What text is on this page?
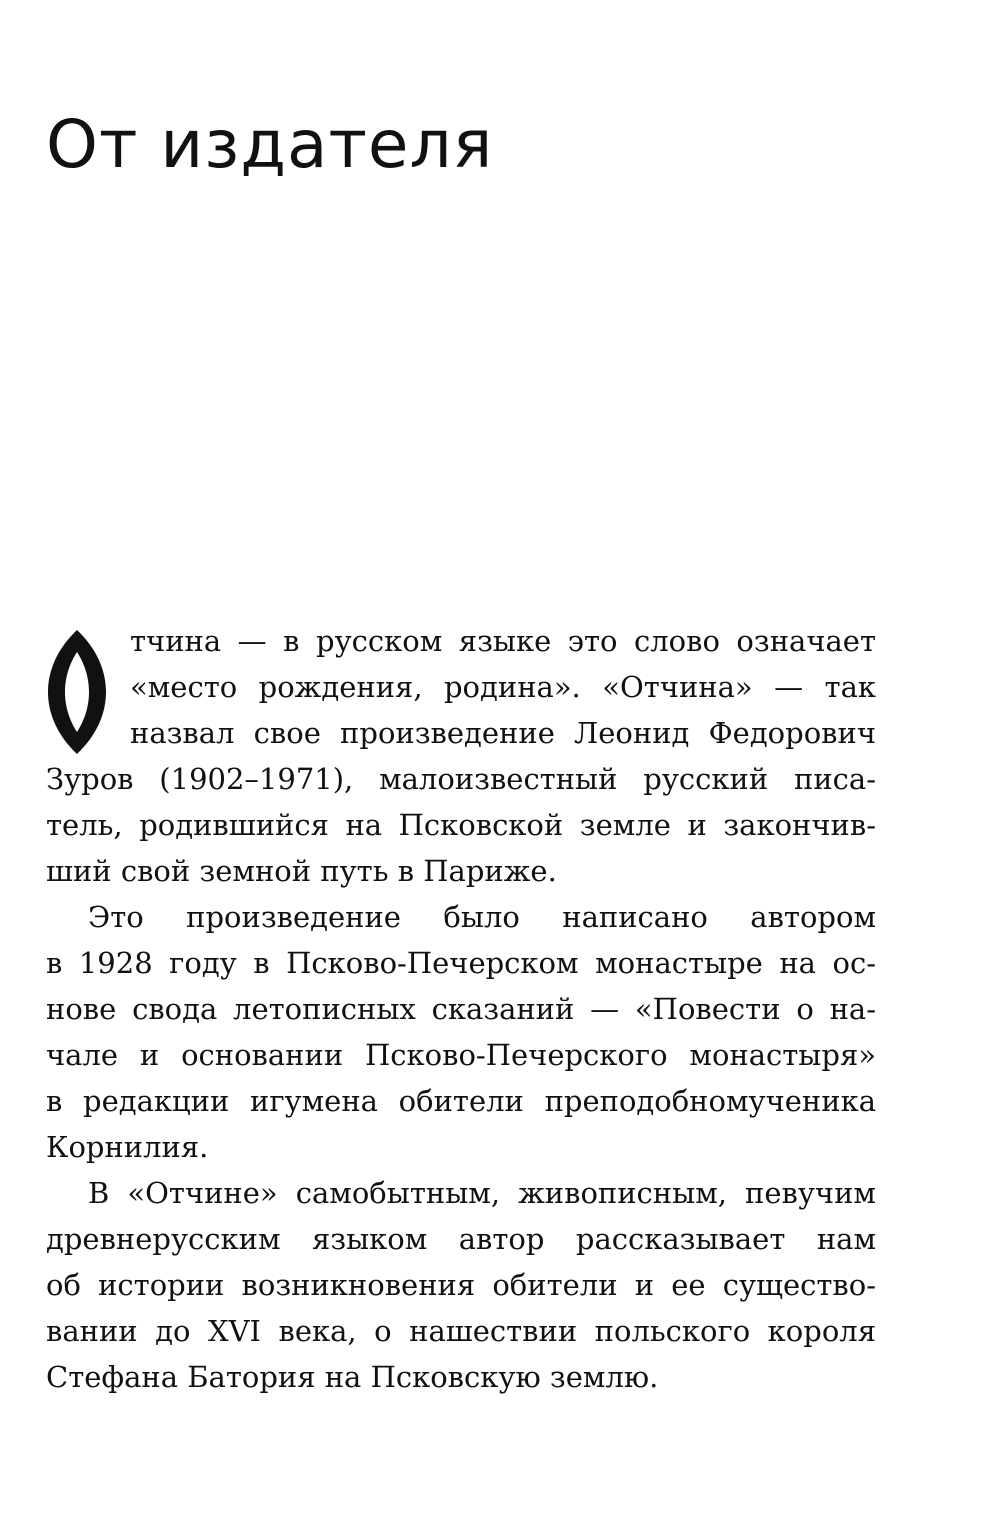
От издателя
тчина — в русском языке это слово означает
«место рождения, родина». «Отчина» — так
назвал свое произведение Леонид Федорович
Зуров (1902–1971), малоизвестный русский писа-
тель, родившийся на Псковской земле и закончив-
ший свой земной путь в Париже.
Это произведение было написано автором
в 1928 году в Псково-Печерском монастыре на ос-
нове свода летописных сказаний — «Повести о на-
чале и основании Псково-Печерского монастыря»
в редакции игумена обители преподобномученика
Корнилия.
В «Отчине» самобытным, живописным, певучим
древнерусским языком автор рассказывает нам
об истории возникновения обители и ее существо-
вании до XVI века, о нашествии польского короля
Стефана Батория на Псковскую землю.
